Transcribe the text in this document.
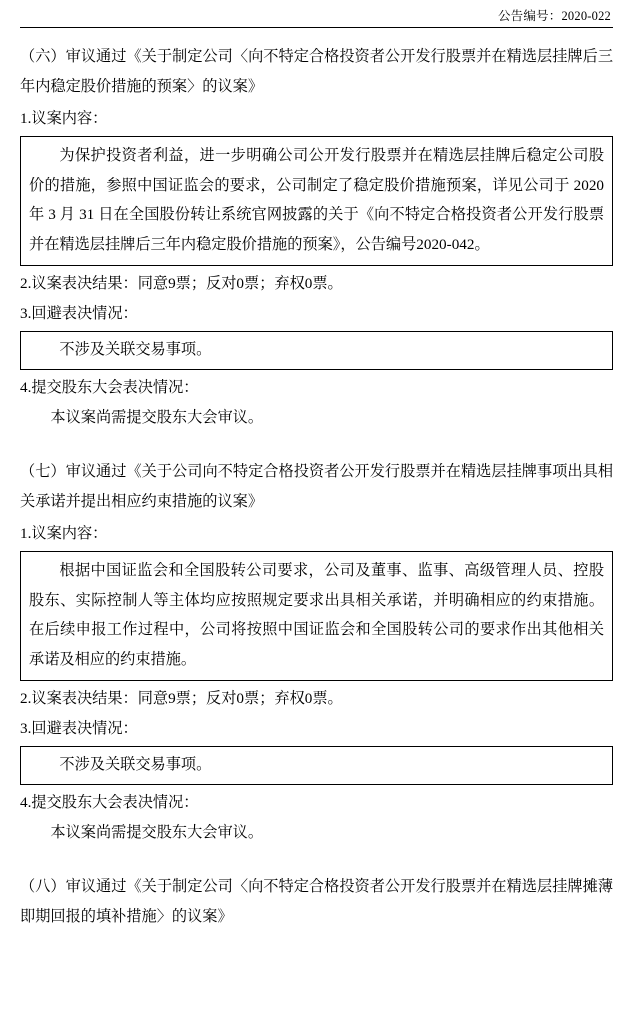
公告编号：2020-022

（六）审议通过《关于制定公司〈向不特定合格投资者公开发行股票并在精选层挂牌后三年内稳定股价措施的预案〉的议案》

1.议案内容：

为保护投资者利益，进一步明确公司公开发行股票并在精选层挂牌后稳定公司股价的措施，参照中国证监会的要求，公司制定了稳定股价措施预案，详见公司于 2020 年 3 月 31 日在全国股份转让系统官网披露的关于《向不特定合格投资者公开发行股票并在精选层挂牌后三年内稳定股价措施的预案》，公告编号2020-042。

2.议案表决结果：同意9票；反对0票；弃权0票。

3.回避表决情况：

不涉及关联交易事项。

4.提交股东大会表决情况：

本议案尚需提交股东大会审议。

（七）审议通过《关于公司向不特定合格投资者公开发行股票并在精选层挂牌事项出具相关承诺并提出相应约束措施的议案》

1.议案内容：

根据中国证监会和全国股转公司要求，公司及董事、监事、高级管理人员、控股股东、实际控制人等主体均应按照规定要求出具相关承诺，并明确相应的约束措施。在后续申报工作过程中，公司将按照中国证监会和全国股转公司的要求作出其他相关承诺及相应的约束措施。

2.议案表决结果：同意9票；反对0票；弃权0票。

3.回避表决情况：

不涉及关联交易事项。

4.提交股东大会表决情况：

本议案尚需提交股东大会审议。

（八）审议通过《关于制定公司〈向不特定合格投资者公开发行股票并在精选层挂牌摊薄即期回报的填补措施〉的议案》
